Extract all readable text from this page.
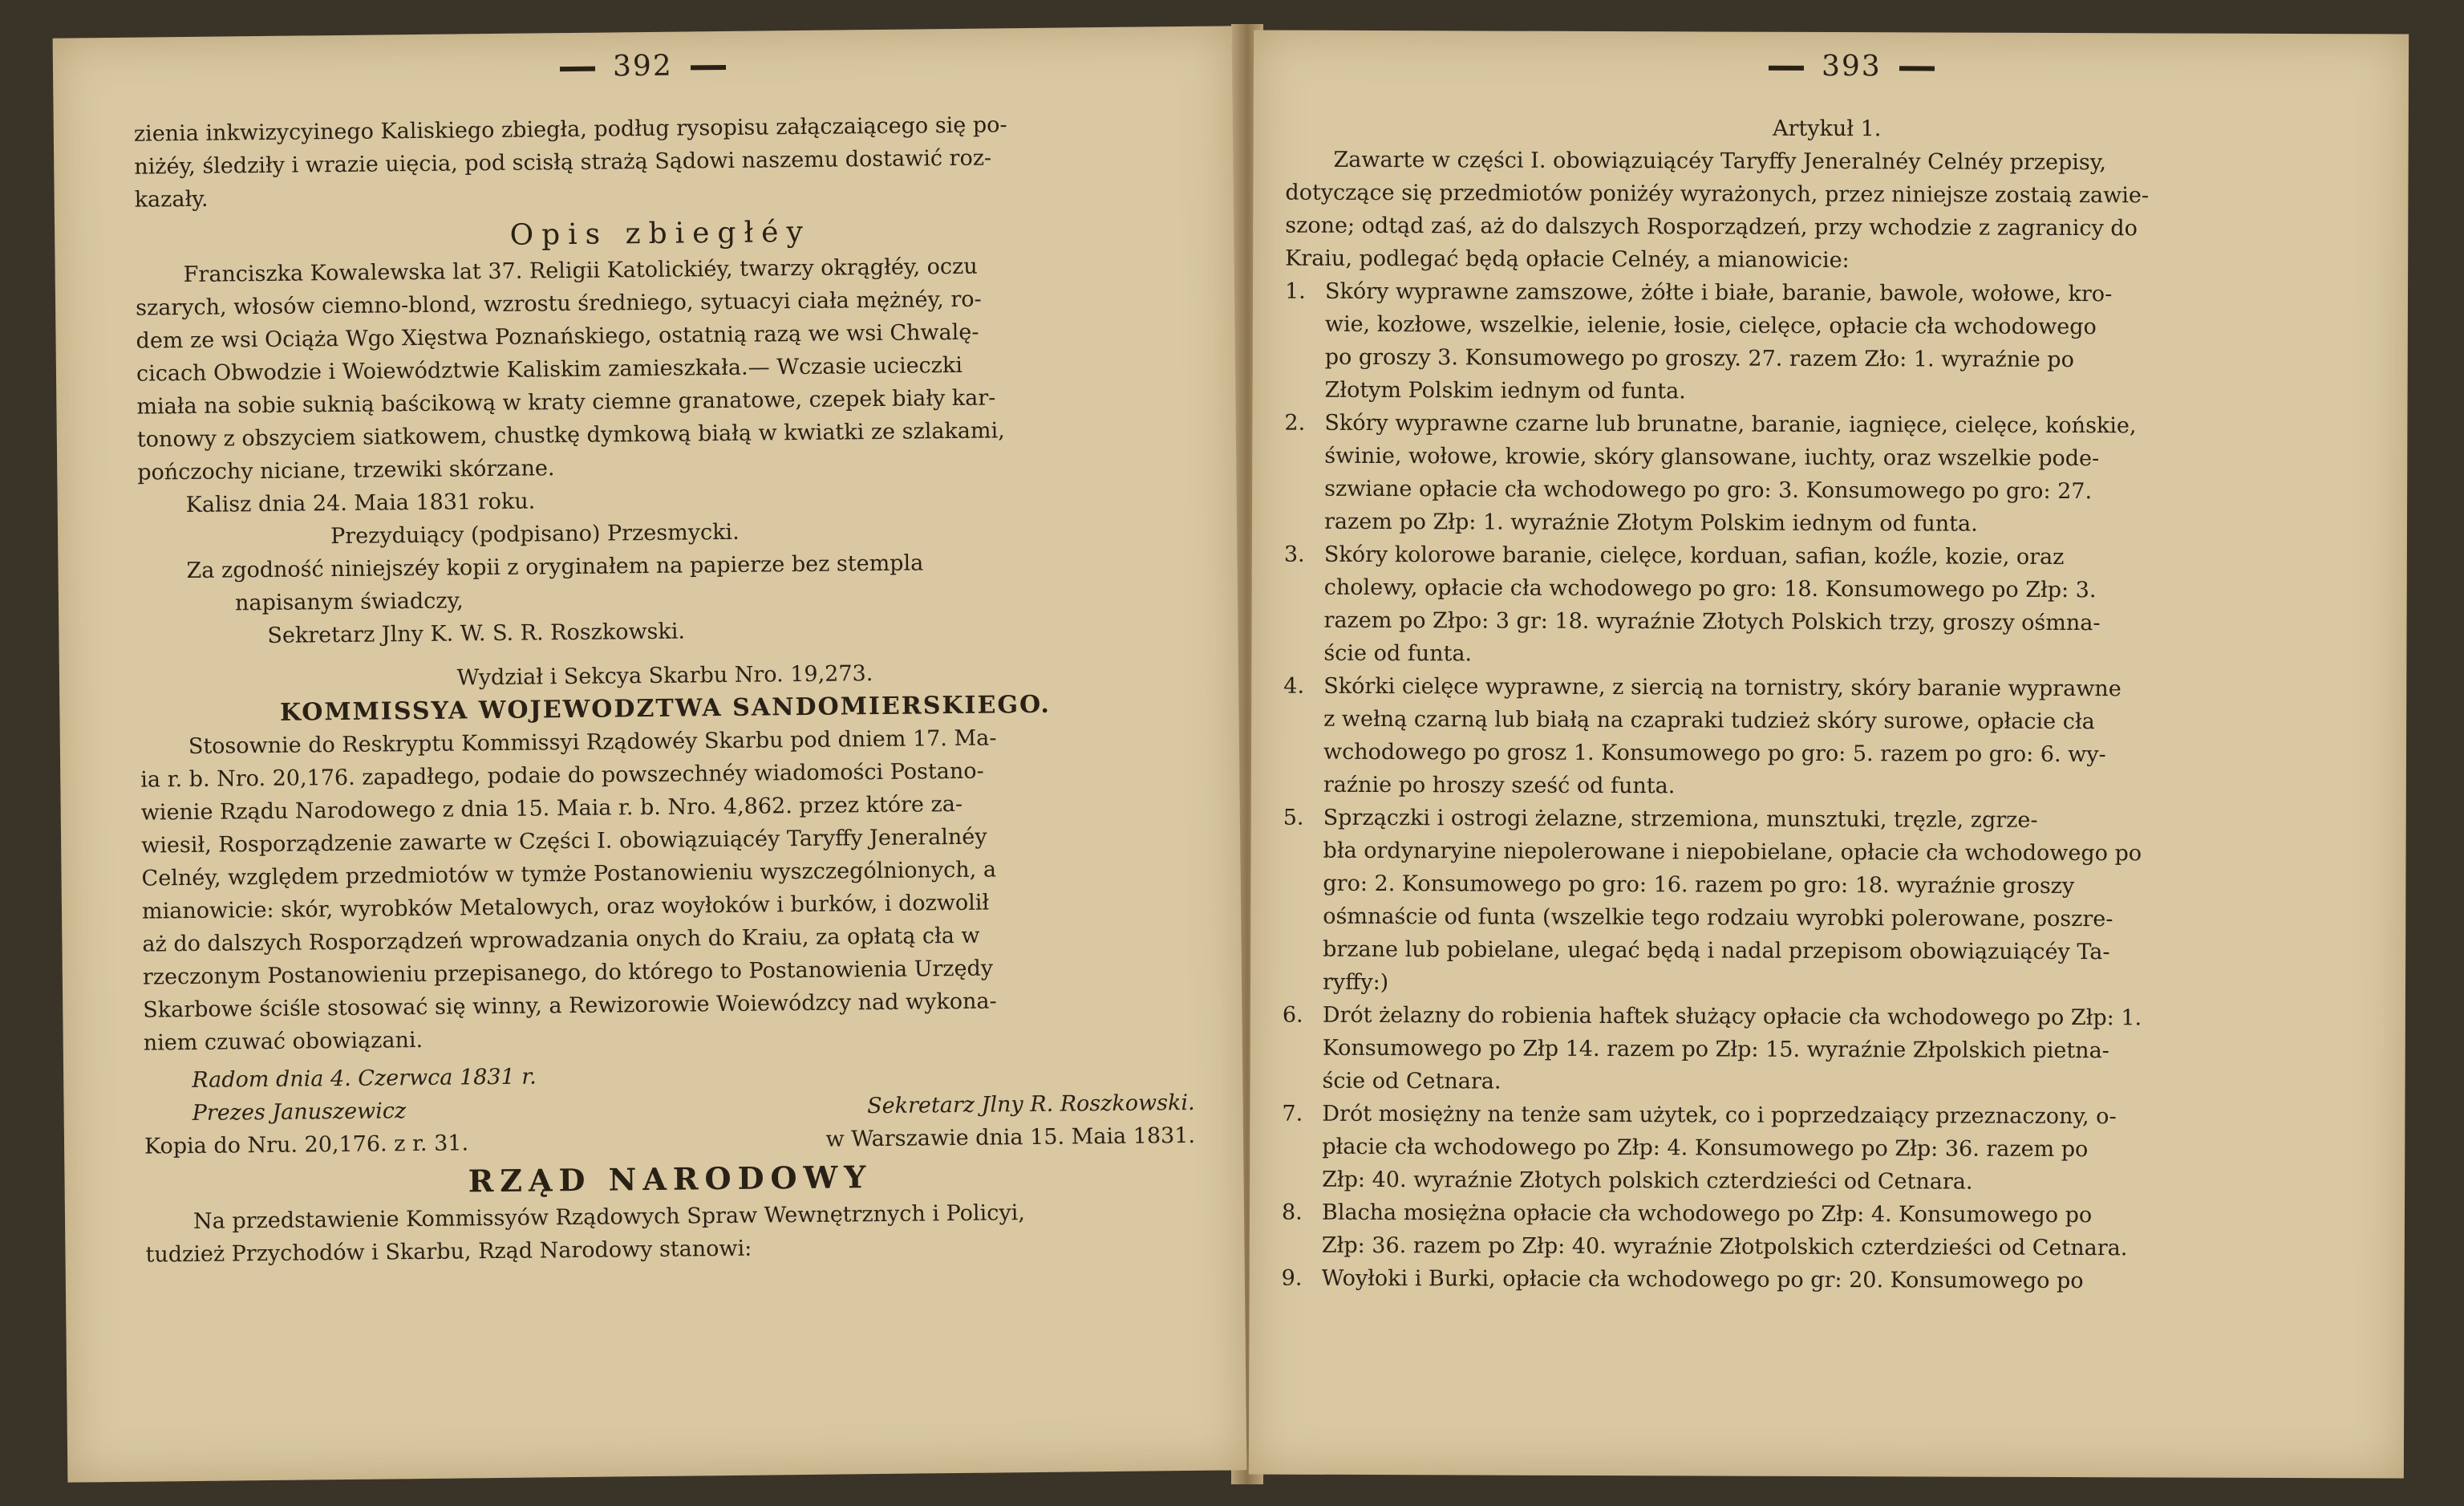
392
zienia inkwizycyinego Kaliskiego zbiegła, podług rysopisu załączaiącego się po-
niżéy, śledziły i wrazie uięcia, pod scisłą strażą Sądowi naszemu dostawić roz-
kazały.
Opis zbiegłéy
Franciszka Kowalewska lat 37. Religii Katolickiéy, twarzy okrągłéy, oczu
szarych, włosów ciemno-blond, wzrostu średniego, sytuacyi ciała mężnéy, ro-
dem ze wsi Ociąża Wgo Xięstwa Poznańskiego, ostatnią razą we wsi Chwalę-
cicach Obwodzie i Woiewództwie Kaliskim zamieszkała.— Wczasie ucieczki
miała na sobie suknią baścikową w kraty ciemne granatowe, czepek biały kar-
tonowy z obszyciem siatkowem, chustkę dymkową białą w kwiatki ze szlakami,
pończochy niciane, trzewiki skórzane.
Kalisz dnia 24. Maia 1831 roku.
Prezyduiący (podpisano) Przesmycki.
Za zgodność niniejszéy kopii z oryginałem na papierze bez stempla
napisanym świadczy,
Sekretarz Jlny K. W. S. R. Roszkowski.
Wydział i Sekcya Skarbu Nro. 19,273.
KOMMISSYA WOJEWODZTWA SANDOMIERSKIEGO.
Stosownie do Reskryptu Kommissyi Rządowéy Skarbu pod dniem 17. Ma-
ia r. b. Nro. 20,176. zapadłego, podaie do powszechnéy wiadomości Postano-
wienie Rządu Narodowego z dnia 15. Maia r. b. Nro. 4,862. przez które za-
wiesił, Rosporządzenie zawarte w Części I. obowiązuiącéy Taryffy Jeneralnéy
Celnéy, względem przedmiotów w tymże Postanowieniu wyszczególnionych, a
mianowicie: skór, wyrobków Metalowych, oraz woyłoków i burków, i dozwolił
aż do dalszych Rosporządzeń wprowadzania onych do Kraiu, za opłatą cła w
rzeczonym Postanowieniu przepisanego, do którego to Postanowienia Urzędy
Skarbowe ściśle stosować się winny, a Rewizorowie Woiewódzcy nad wykona-
niem czuwać obowiązani.
Radom dnia 4. Czerwca 1831 r.
Prezes Januszewicz	Sekretarz Jlny R. Roszkowski.
Kopia do Nru. 20,176. z r. 31.	w Warszawie dnia 15. Maia 1831.
RZĄD NARODOWY
Na przedstawienie Kommissyów Rządowych Spraw Wewnętrznych i Policyi,
tudzież Przychodów i Skarbu, Rząd Narodowy stanowi:
393
Artykuł 1.
Zawarte w części I. obowiązuiącéy Taryffy Jeneralnéy Celnéy przepisy,
dotyczące się przedmiotów poniżéy wyrażonych, przez niniejsze zostaią zawie-
szone; odtąd zaś, aż do dalszych Rosporządzeń, przy wchodzie z zagranicy do
Kraiu, podlegać będą opłacie Celnéy, a mianowicie:
1. Skóry wyprawne zamszowe, żółte i białe, baranie, bawole, wołowe, kro-
wie, kozłowe, wszelkie, ielenie, łosie, cielęce, opłacie cła wchodowego
po groszy 3. Konsumowego po groszy. 27. razem Zło: 1. wyraźnie po
Złotym Polskim iednym od funta.
2. Skóry wyprawne czarne lub brunatne, baranie, iagnięce, cielęce, końskie,
świnie, wołowe, krowie, skóry glansowane, iuchty, oraz wszelkie pode-
szwiane opłacie cła wchodowego po gro: 3. Konsumowego po gro: 27.
razem po Złp: 1. wyraźnie Złotym Polskim iednym od funta.
3. Skóry kolorowe baranie, cielęce, korduan, safian, koźle, kozie, oraz
cholewy, opłacie cła wchodowego po gro: 18. Konsumowego po Złp: 3.
razem po Złpo: 3 gr: 18. wyraźnie Złotych Polskich trzy, groszy ośmna-
ście od funta.
4. Skórki cielęce wyprawne, z siercią na tornistry, skóry baranie wyprawne
z wełną czarną lub białą na czapraki tudzież skóry surowe, opłacie cła
wchodowego po grosz 1. Konsumowego po gro: 5. razem po gro: 6. wy-
raźnie po hroszy sześć od funta.
5. Sprzączki i ostrogi żelazne, strzemiona, munsztuki, tręzle, zgrze-
bła ordynaryine niepolerowane i niepobielane, opłacie cła wchodowego po
gro: 2. Konsumowego po gro: 16. razem po gro: 18. wyraźnie groszy
ośmnaście od funta (wszelkie tego rodzaiu wyrobki polerowane, poszre-
brzane lub pobielane, ulegać będą i nadal przepisom obowiązuiącéy Ta-
ryffy:)
6. Drót żelazny do robienia haftek służący opłacie cła wchodowego po Złp: 1.
Konsumowego po Złp 14. razem po Złp: 15. wyraźnie Złpolskich pietna-
ście od Cetnara.
7. Drót mosiężny na tenże sam użytek, co i poprzedzaiący przeznaczony, o-
płacie cła wchodowego po Złp: 4. Konsumowego po Złp: 36. razem po
Złp: 40. wyraźnie Złotych polskich czterdzieści od Cetnara.
8. Blacha mosiężna opłacie cła wchodowego po Złp: 4. Konsumowego po
Złp: 36. razem po Złp: 40. wyraźnie Złotpolskich czterdzieści od Cetnara.
9. Woyłoki i Burki, opłacie cła wchodowego po gr: 20. Konsumowego po
